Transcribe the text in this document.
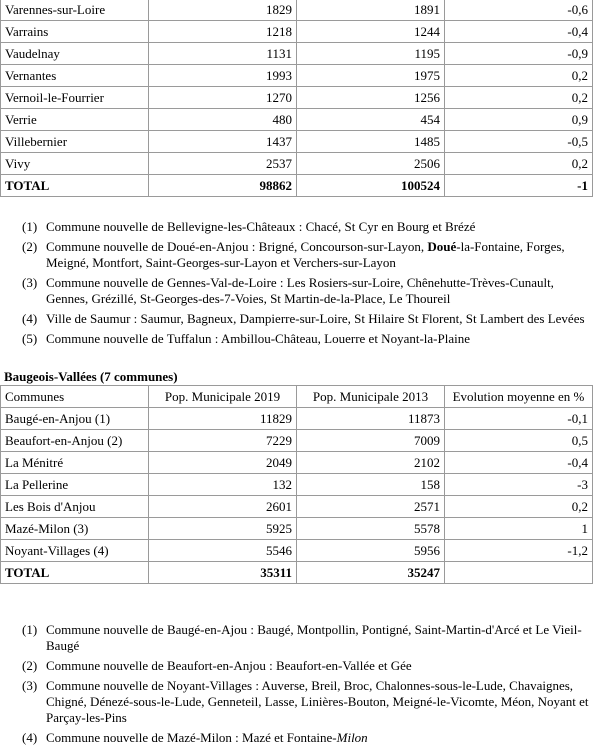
Varennes-sur-Loire	1829	1891	-0,6
Varrains	1218	1244	-0,4
Vaudelnay	1131	1195	-0,9
Vernantes	1993	1975	0,2
Vernoil-le-Fourrier	1270	1256	0,2
Verrie	480	454	0,9
Villebernier	1437	1485	-0,5
Vivy	2537	2506	0,2
TOTAL	98862	100524	-1
(1) Commune nouvelle de Bellevigne-les-Châteaux : Chacé, St Cyr en Bourg et Brézé
(2) Commune nouvelle de Doué-en-Anjou : Brigné, Concourson-sur-Layon, Doué-la-Fontaine, Forges, Meigné, Montfort, Saint-Georges-sur-Layon et Verchers-sur-Layon
(3) Commune nouvelle de Gennes-Val-de-Loire : Les Rosiers-sur-Loire, Chênehutte-Trèves-Cunault, Gennes, Grézillé, St-Georges-des-7-Voies, St Martin-de-la-Place, Le Thoureil
(4) Ville de Saumur : Saumur, Bagneux, Dampierre-sur-Loire, St Hilaire St Florent, St Lambert des Levées
(5) Commune nouvelle de Tuffalun : Ambillou-Château, Louerre et Noyant-la-Plaine
Baugeois-Vallées (7 communes)
Communes	Pop. Municipale 2019	Pop. Municipale 2013	Evolution moyenne en %
Baugé-en-Anjou (1)	11829	11873	-0,1
Beaufort-en-Anjou (2)	7229	7009	0,5
La Ménitré	2049	2102	-0,4
La Pellerine	132	158	-3
Les Bois d'Anjou	2601	2571	0,2
Mazé-Milon (3)	5925	5578	1
Noyant-Villages (4)	5546	5956	-1,2
TOTAL	35311	35247	
(1) Commune nouvelle de Baugé-en-Ajou : Baugé, Montpollin, Pontigné, Saint-Martin-d'Arcé et Le Vieil-Baugé
(2) Commune nouvelle de Beaufort-en-Anjou : Beaufort-en-Vallée et Gée
(3) Commune nouvelle de Noyant-Villages : Auverse, Breil, Broc, Chalonnes-sous-le-Lude, Chavaignes, Chigné, Dénezé-sous-le-Lude, Genneteil, Lasse, Linières-Bouton, Meigné-le-Vicomte, Méon, Noyant et Parçay-les-Pins
(4) Commune nouvelle de Mazé-Milon : Mazé et Fontaine-Milon
